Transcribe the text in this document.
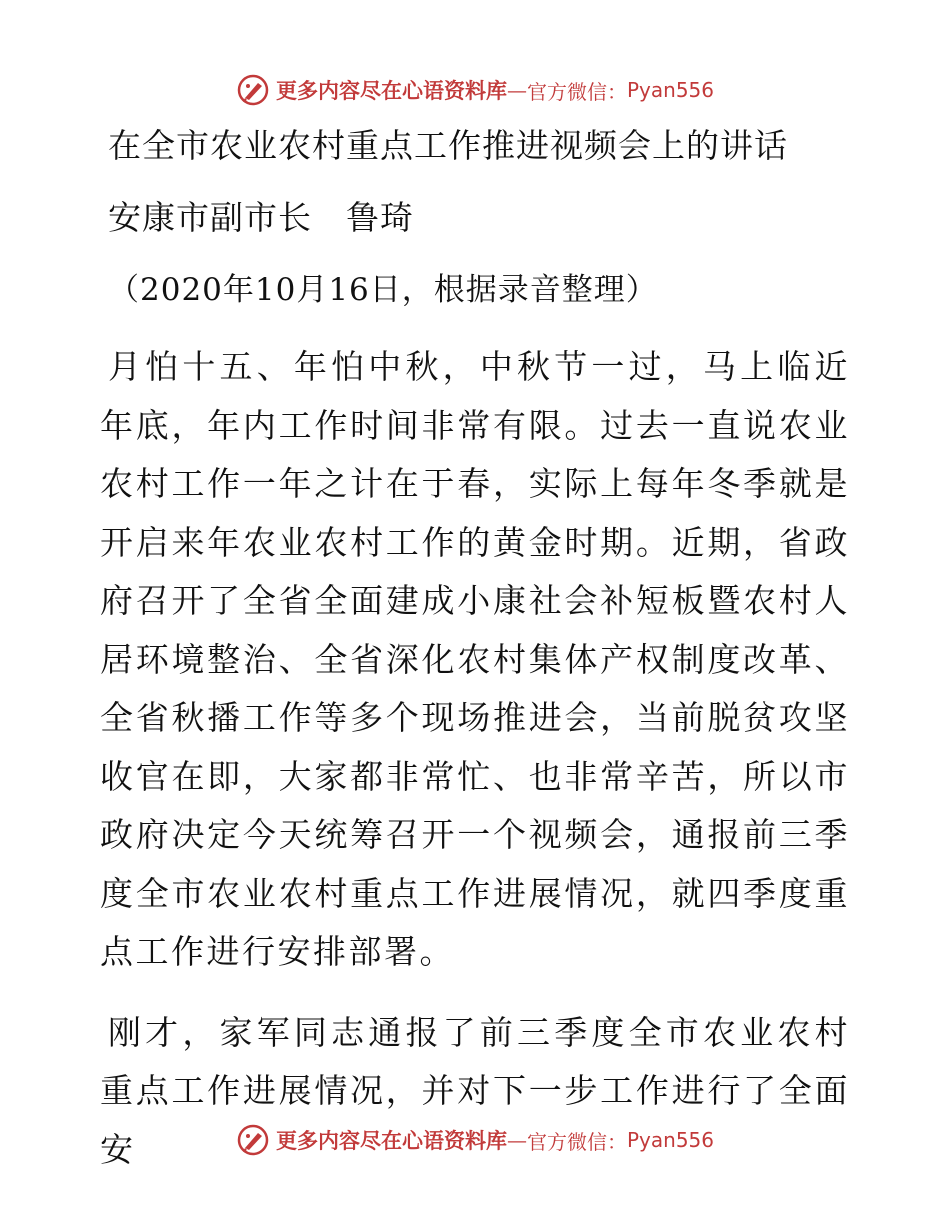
更多内容尽在心语资料库 — 官方微信： Pyan556
在全市农业农村重点工作推进视频会上的讲话
安康市副市长　鲁琦
（2020年10月16日，根据录音整理）

月怕十五、年怕中秋，中秋节一过，马上临近年底，年内工作时间非常有限。过去一直说农业农村工作一年之计在于春，实际上每年冬季就是开启来年农业农村工作的黄金时期。近期，省政府召开了全省全面建成小康社会补短板暨农村人居环境整治、全省深化农村集体产权制度改革、全省秋播工作等多个现场推进会，当前脱贫攻坚收官在即，大家都非常忙、也非常辛苦，所以市政府决定今天统筹召开一个视频会，通报前三季度全市农业农村重点工作进展情况，就四季度重点工作进行安排部署。

刚才，家军同志通报了前三季度全市农业农村重点工作进展情况，并对下一步工作进行了全面安	更多内容尽在心语资料库 — 官方微信： Pyan556
